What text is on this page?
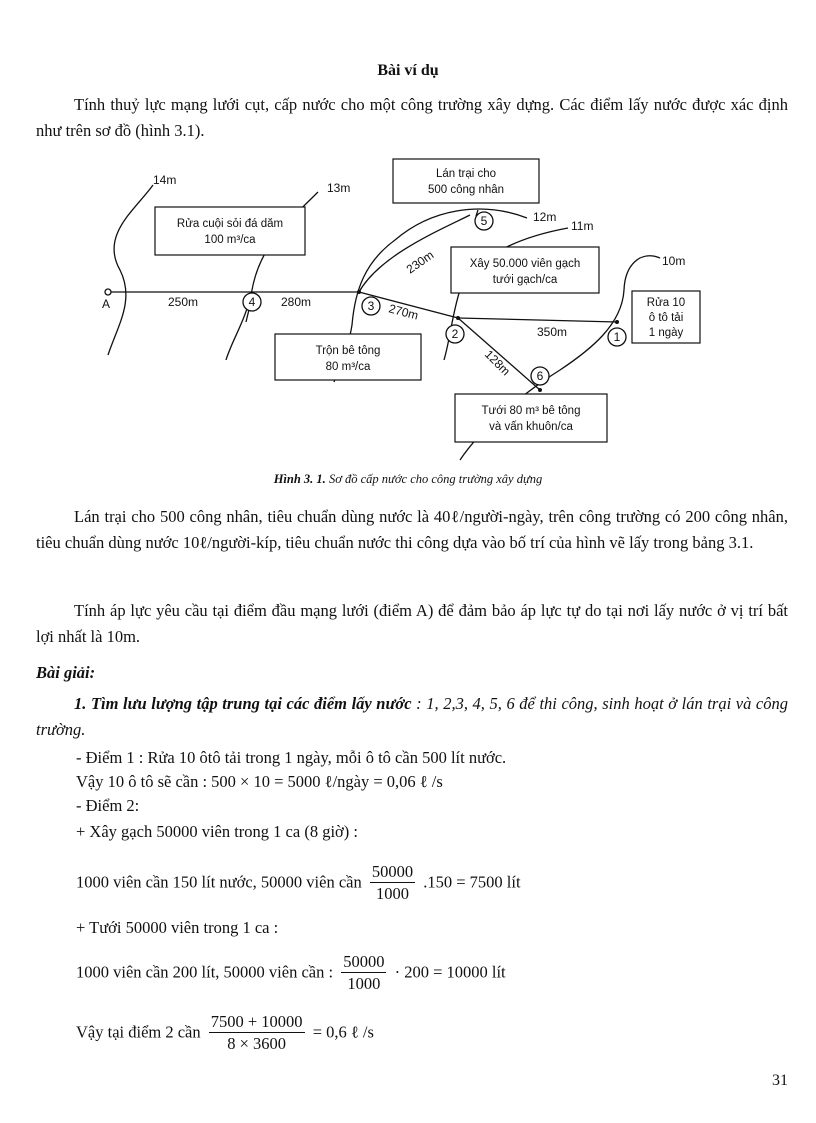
Bài ví dụ
Tính thuỷ lực mạng lưới cụt, cấp nước cho một công trường xây dựng. Các điểm lấy nước được xác định như trên sơ đồ (hình 3.1).
Lán trại cho
500 công nhân
Rửa cuội sỏi đá dăm
100 m³/ca
Xây 50.000 viên gạch
tưới gạch/ca
Trộn bê tông
80 m³/ca
Rửa 10
ô tô tải
1 ngày
Tưới 80 m³ bê tông
và vấn khuôn/ca
14m
13m
12m
11m
10m
250m	280m	270m
350m
230m
128m
A
1
2
3
4
5
6
Hình 3. 1. Sơ đồ cấp nước cho công trường xây dựng
Lán trại cho 500 công nhân, tiêu chuẩn dùng nước là 40ℓ/người-ngày, trên công trường có 200 công nhân, tiêu chuẩn dùng nước 10ℓ/người-kíp, tiêu chuẩn nước thi công dựa vào bố trí của hình vẽ lấy trong bảng 3.1.
Tính áp lực yêu cầu tại điểm đầu mạng lưới (điểm A) để đảm bảo áp lực tự do tại nơi lấy nước ở vị trí bất lợi nhất là 10m.
Bài giải:
1. Tìm lưu lượng tập trung tại các điểm lấy nước : 1, 2,3, 4, 5, 6 để thi công, sinh hoạt ở lán trại và công trường.
- Điểm 1 : Rửa 10 ôtô tải trong 1 ngày, mỗi ô tô cần 500 lít nước.
Vậy 10 ô tô sẽ cần : 500 × 10 = 5000 ℓ/ngày = 0,06 ℓ /s
- Điểm 2:
+ Xây gạch 50000 viên trong 1 ca (8 giờ) :
1000 viên cần 150 lít nước, 50000 viên cần $\frac{50000}{1000} .150 = 7500$ lít
+ Tưới 50000 viên trong 1 ca :
1000 viên cần 200 lít, 50000 viên cần : $\frac{50000}{1000} \cdot 200 = 10000$ lít
Vậy tại điểm 2 cần $\frac{7500 + 10000}{8 \times 3600} = 0,6$ ℓ /s
31
